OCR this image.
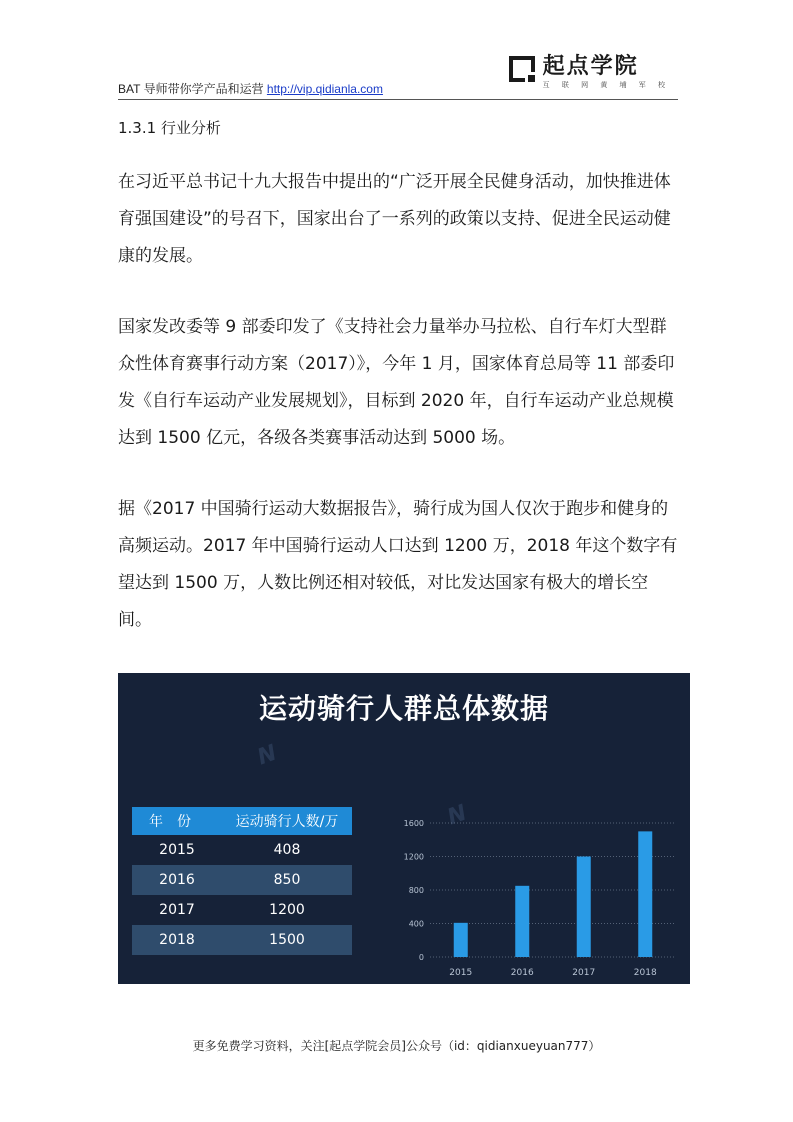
BAT 导师带你学产品和运营 http://vip.qidianla.com
起点学院
互 联 网 黄 埔 军 校
1.3.1 行业分析

在习近平总书记十九大报告中提出的“广泛开展全民健身活动，加快推进体育强国建设”的号召下，国家出台了一系列的政策以支持、促进全民运动健康的发展。

国家发改委等 9 部委印发了《支持社会力量举办马拉松、自行车灯大型群众性体育赛事行动方案（2017）》，今年 1 月，国家体育总局等 11 部委印发《自行车运动产业发展规划》，目标到 2020 年，自行车运动产业总规模达到 1500 亿元，各级各类赛事活动达到 5000 场。

据《2017 中国骑行运动大数据报告》，骑行成为国人仅次于跑步和健身的高频运动。2017 年中国骑行运动人口达到 1200 万，2018 年这个数字有望达到 1500 万，人数比例还相对较低，对比发达国家有极大的增长空间。

N
N
运动骑行人群总体数据
年份	运动骑行人数/万
2015	408
2016	850
2017	1200
2018	1500
0
400
800
1200
1600
2015	2016	2017	2018
更多免费学习资料，关注[起点学院会员]公众号（id：qidianxueyuan777）
